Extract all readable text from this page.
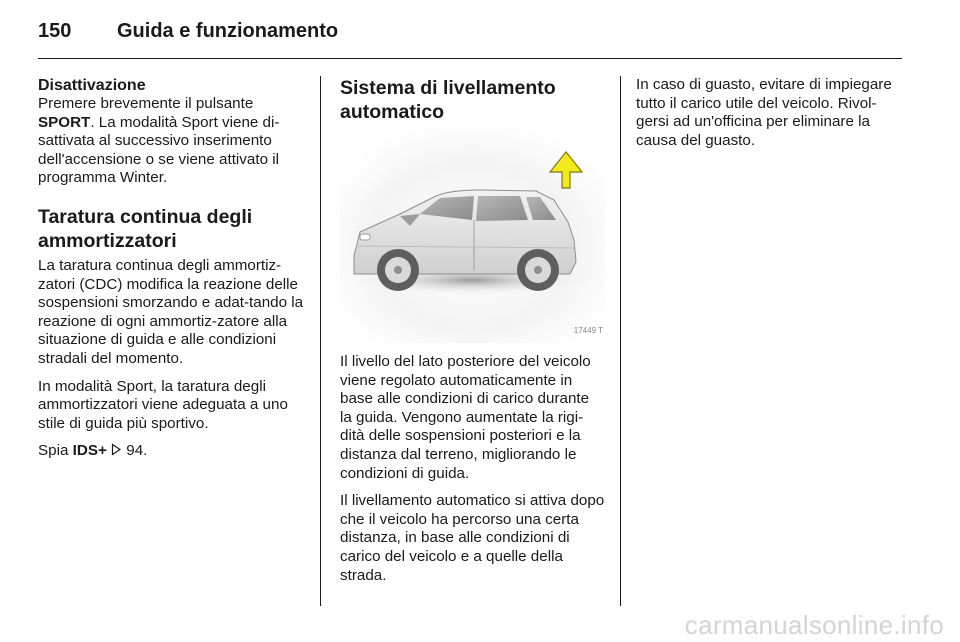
150 Guida e funzionamento
Disattivazione

Premere brevemente il pulsante SPORT. La modalità Sport viene di-sattivata al successivo inserimento dell'accensione o se viene attivato il programma Winter.

Taratura continua degli ammortizzatori

La taratura continua degli ammortiz-zatori (CDC) modifica la reazione delle sospensioni smorzando e adat-tando la reazione di ogni ammortiz-zatore alla situazione di guida e alle condizioni stradali del momento.

In modalità Sport, la taratura degli ammortizzatori viene adeguata a uno stile di guida più sportivo.

Spia IDS+  94.

Sistema di livellamento automatico
17449 T

Il livello del lato posteriore del veicolo viene regolato automaticamente in base alle condizioni di carico durante la guida. Vengono aumentate la rigi-dità delle sospensioni posteriori e la distanza dal terreno, migliorando le condizioni di guida.

Il livellamento automatico si attiva dopo che il veicolo ha percorso una certa distanza, in base alle condizioni di carico del veicolo e a quelle della strada.

In caso di guasto, evitare di impiegare tutto il carico utile del veicolo. Rivol-gersi ad un'officina per eliminare la causa del guasto.

carmanualsonline.info
